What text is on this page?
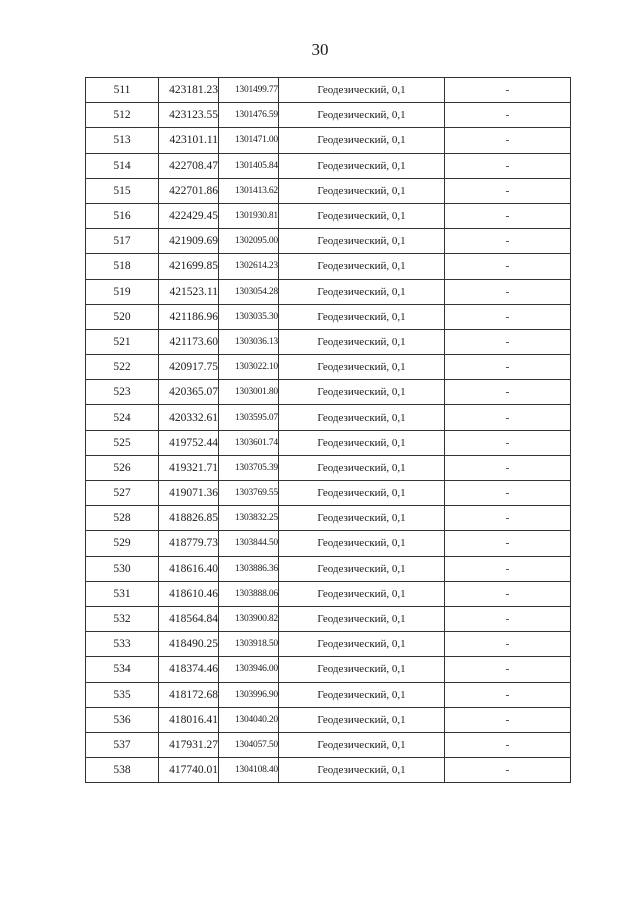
30
511	423181.23	1301499.77	Геодезический, 0,1	-
512	423123.55	1301476.59	Геодезический, 0,1	-
513	423101.11	1301471.00	Геодезический, 0,1	-
514	422708.47	1301405.84	Геодезический, 0,1	-
515	422701.86	1301413.62	Геодезический, 0,1	-
516	422429.45	1301930.81	Геодезический, 0,1	-
517	421909.69	1302095.00	Геодезический, 0,1	-
518	421699.85	1302614.23	Геодезический, 0,1	-
519	421523.11	1303054.28	Геодезический, 0,1	-
520	421186.96	1303035.30	Геодезический, 0,1	-
521	421173.60	1303036.13	Геодезический, 0,1	-
522	420917.75	1303022.10	Геодезический, 0,1	-
523	420365.07	1303001.80	Геодезический, 0,1	-
524	420332.61	1303595.07	Геодезический, 0,1	-
525	419752.44	1303601.74	Геодезический, 0,1	-
526	419321.71	1303705.39	Геодезический, 0,1	-
527	419071.36	1303769.55	Геодезический, 0,1	-
528	418826.85	1303832.25	Геодезический, 0,1	-
529	418779.73	1303844.50	Геодезический, 0,1	-
530	418616.40	1303886.36	Геодезический, 0,1	-
531	418610.46	1303888.06	Геодезический, 0,1	-
532	418564.84	1303900.82	Геодезический, 0,1	-
533	418490.25	1303918.50	Геодезический, 0,1	-
534	418374.46	1303946.00	Геодезический, 0,1	-
535	418172.68	1303996.90	Геодезический, 0,1	-
536	418016.41	1304040.20	Геодезический, 0,1	-
537	417931.27	1304057.50	Геодезический, 0,1	-
538	417740.01	1304108.40	Геодезический, 0,1	-
